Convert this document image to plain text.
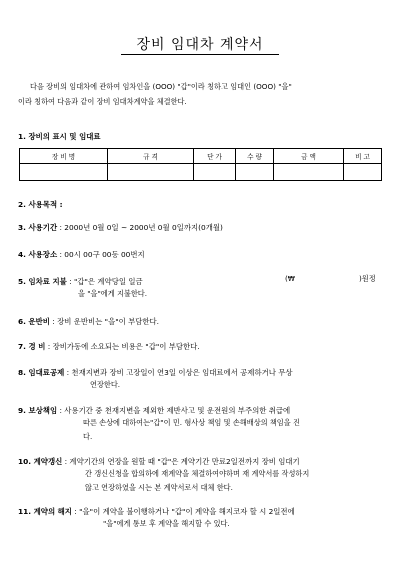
장비 임대차 계약서
다음 장비의 임대차에 관하여 임차인을 (OOO) "갑"이라 칭하고 임대인 (OOO) "을"
이라 칭하여 다음과 같이 장비 임대차계약을 체결한다.
1. 장비의 표시 및 임대료
장 비 명	규 격	단 가	수 량	금 액	비 고

2. 사용목적 :
3. 사용기간 : 2000년 0월 0일 ~ 2000년 0월 0일까지(0개월)
4. 사용장소 : 00시 00구 00동 00번지
5. 임차료 지불 : "갑"은 계약당일 일금	(₩	)원정
을 "을"에게 지불한다.
6. 운반비 : 장비 운반비는 "을"이 부담한다.
7. 경 비 : 장비가동에 소요되는 비용은 "갑"이 부담한다.
8. 임대료공제 : 천재지변과 장비 고장일이 연3일 이상은 임대료에서 공제하거나 무상
연장한다.
9. 보상책임 : 사용기간 중 천재지변을 제외한 제반사고 및 운전원의 부주의한 취급에
따른 손상에 대하여는"갑"이 민. 형사상 책임 및 손해배상의 책임을 진
다.
10. 계약갱신 : 계약기간의 연장을 원할 때 "갑"은 계약기간 만료2일전까지 장비 임대기
간 갱신신청을 합의하에 재계약을 체결하여야하며 재 계약서를 작성하지
않고 연장하였을 시는 본 계약서로서 대체 한다.
11. 계약의 해지 : "을"이 계약을 불이행하거나 "갑"이 계약을 해지코자 할 시 2일전에
"을"에게 통보 후 계약을 해지할 수 있다.
